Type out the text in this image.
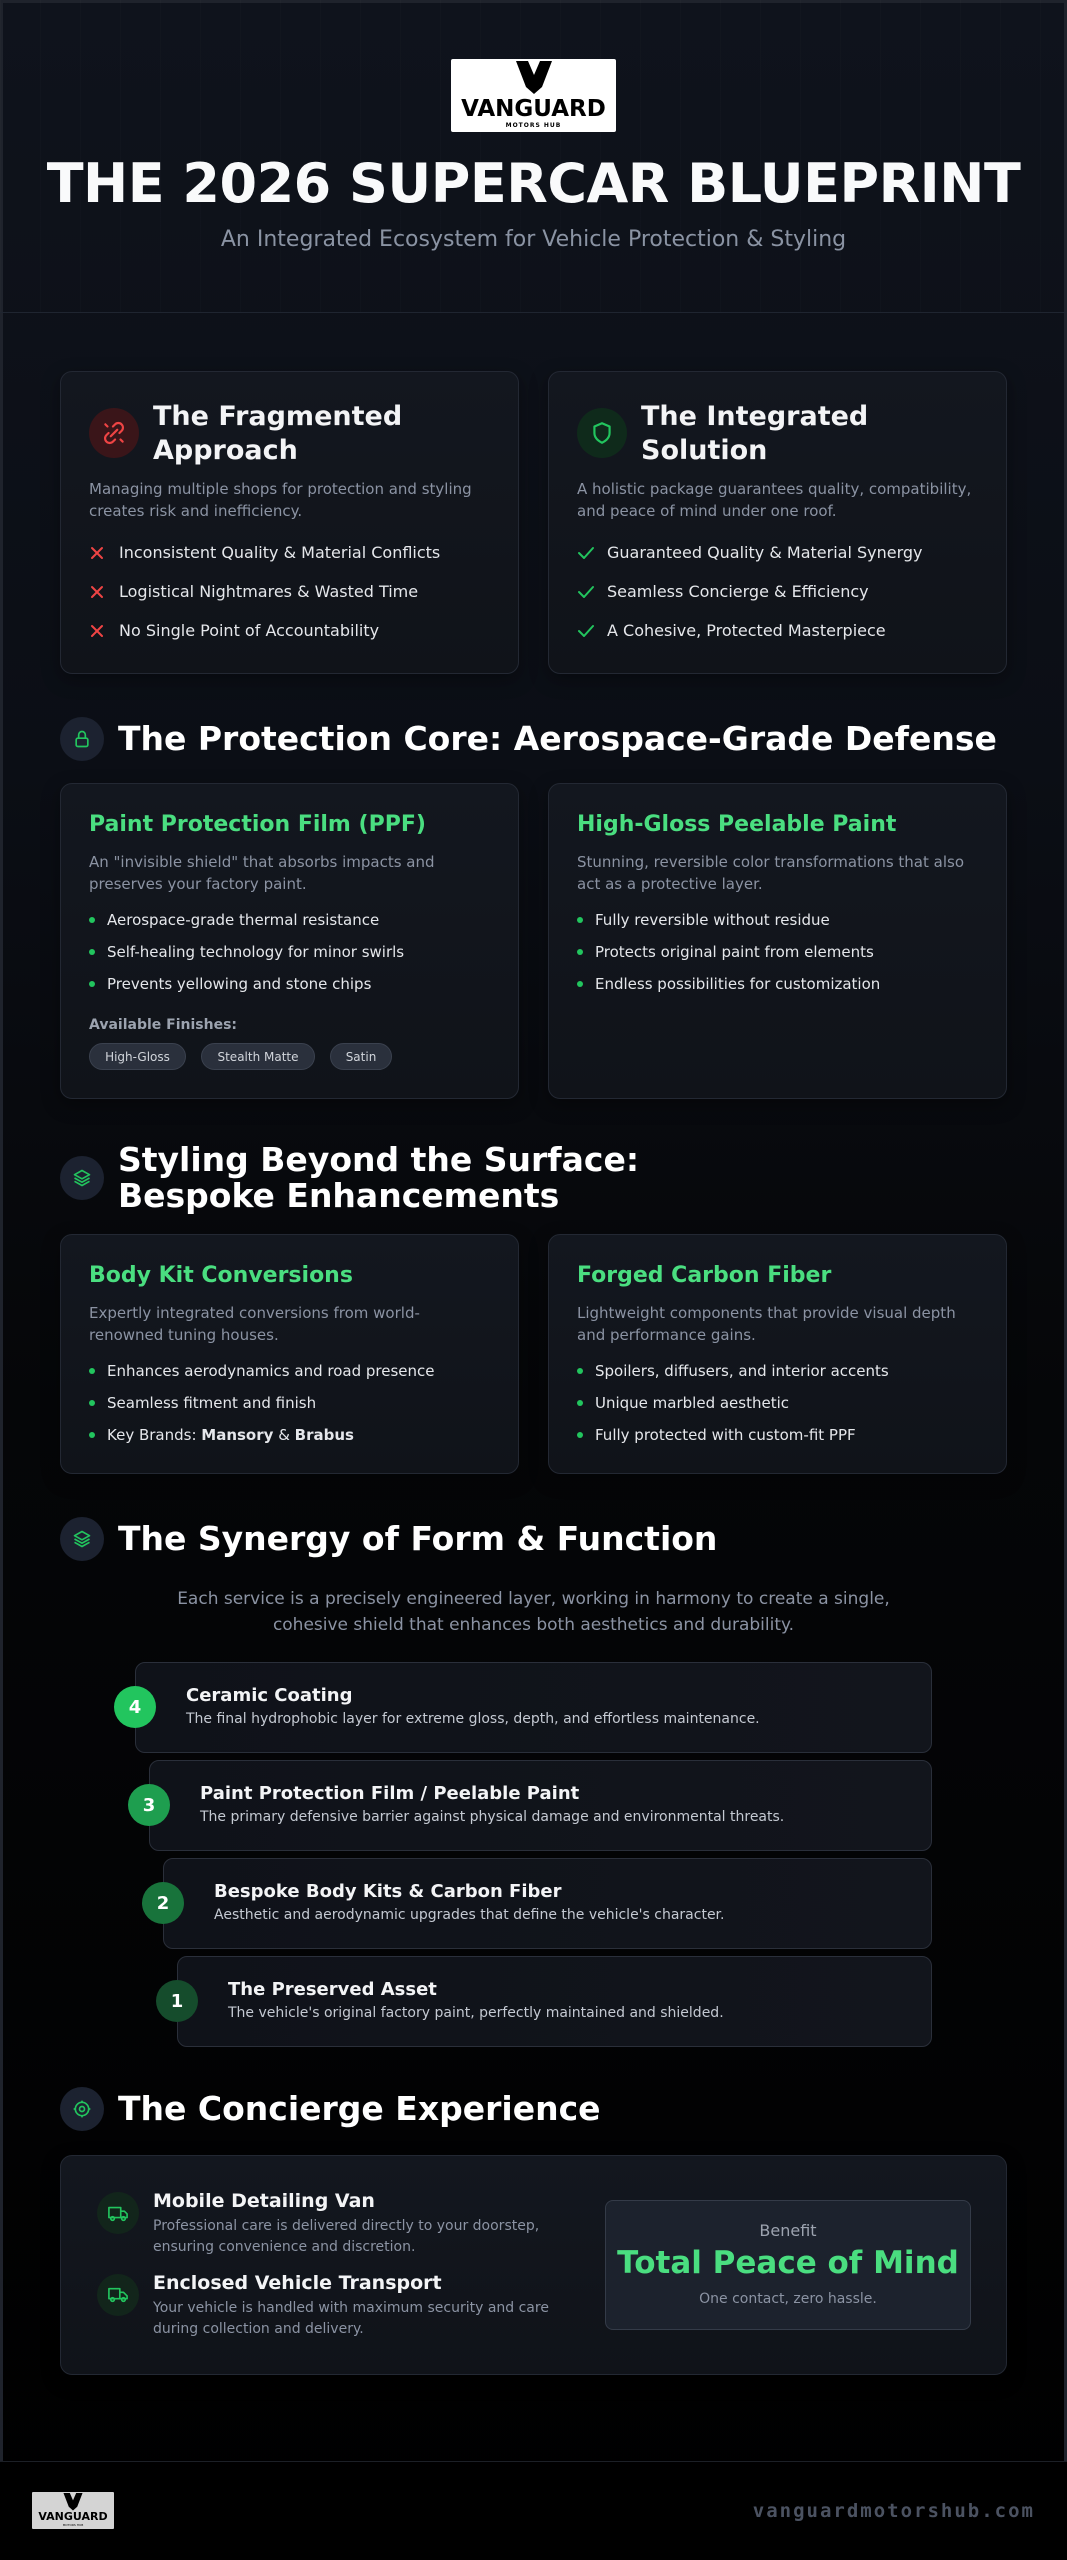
VANGUARD
MOTORS HUB
THE 2026 SUPERCAR BLUEPRINT
An Integrated Ecosystem for Vehicle Protection & Styling
The Fragmented Approach
Managing multiple shops for protection and styling creates risk and inefficiency.
Inconsistent Quality & Material Conflicts
Logistical Nightmares & Wasted Time
No Single Point of Accountability
The Integrated Solution
A holistic package guarantees quality, compatibility, and peace of mind under one roof.
Guaranteed Quality & Material Synergy
Seamless Concierge & Efficiency
A Cohesive, Protected Masterpiece
The Protection Core: Aerospace-Grade Defense
Paint Protection Film (PPF)
An "invisible shield" that absorbs impacts and preserves your factory paint.
Aerospace-grade thermal resistance
Self-healing technology for minor swirls
Prevents yellowing and stone chips
Available Finishes:
High-Gloss	Stealth Matte	Satin
High-Gloss Peelable Paint
Stunning, reversible color transformations that also act as a protective layer.
Fully reversible without residue
Protects original paint from elements
Endless possibilities for customization
Styling Beyond the Surface: Bespoke Enhancements
Body Kit Conversions
Expertly integrated conversions from world-renowned tuning houses.
Enhances aerodynamics and road presence
Seamless fitment and finish
Key Brands: Mansory & Brabus
Forged Carbon Fiber
Lightweight components that provide visual depth and performance gains.
Spoilers, diffusers, and interior accents
Unique marbled aesthetic
Fully protected with custom-fit PPF
The Synergy of Form & Function
Each service is a precisely engineered layer, working in harmony to create a single, cohesive shield that enhances both aesthetics and durability.
Ceramic Coating
The final hydrophobic layer for extreme gloss, depth, and effortless maintenance.
4
Paint Protection Film / Peelable Paint
The primary defensive barrier against physical damage and environmental threats.
3
Bespoke Body Kits & Carbon Fiber
Aesthetic and aerodynamic upgrades that define the vehicle's character.
2
The Preserved Asset
The vehicle's original factory paint, perfectly maintained and shielded.
1
The Concierge Experience
Mobile Detailing Van
Professional care is delivered directly to your doorstep, ensuring convenience and discretion.
Enclosed Vehicle Transport
Your vehicle is handled with maximum security and care during collection and delivery.
Benefit
Total Peace of Mind
One contact, zero hassle.
VANGUARD
MOTORS HUB
vanguardmotorshub.com
